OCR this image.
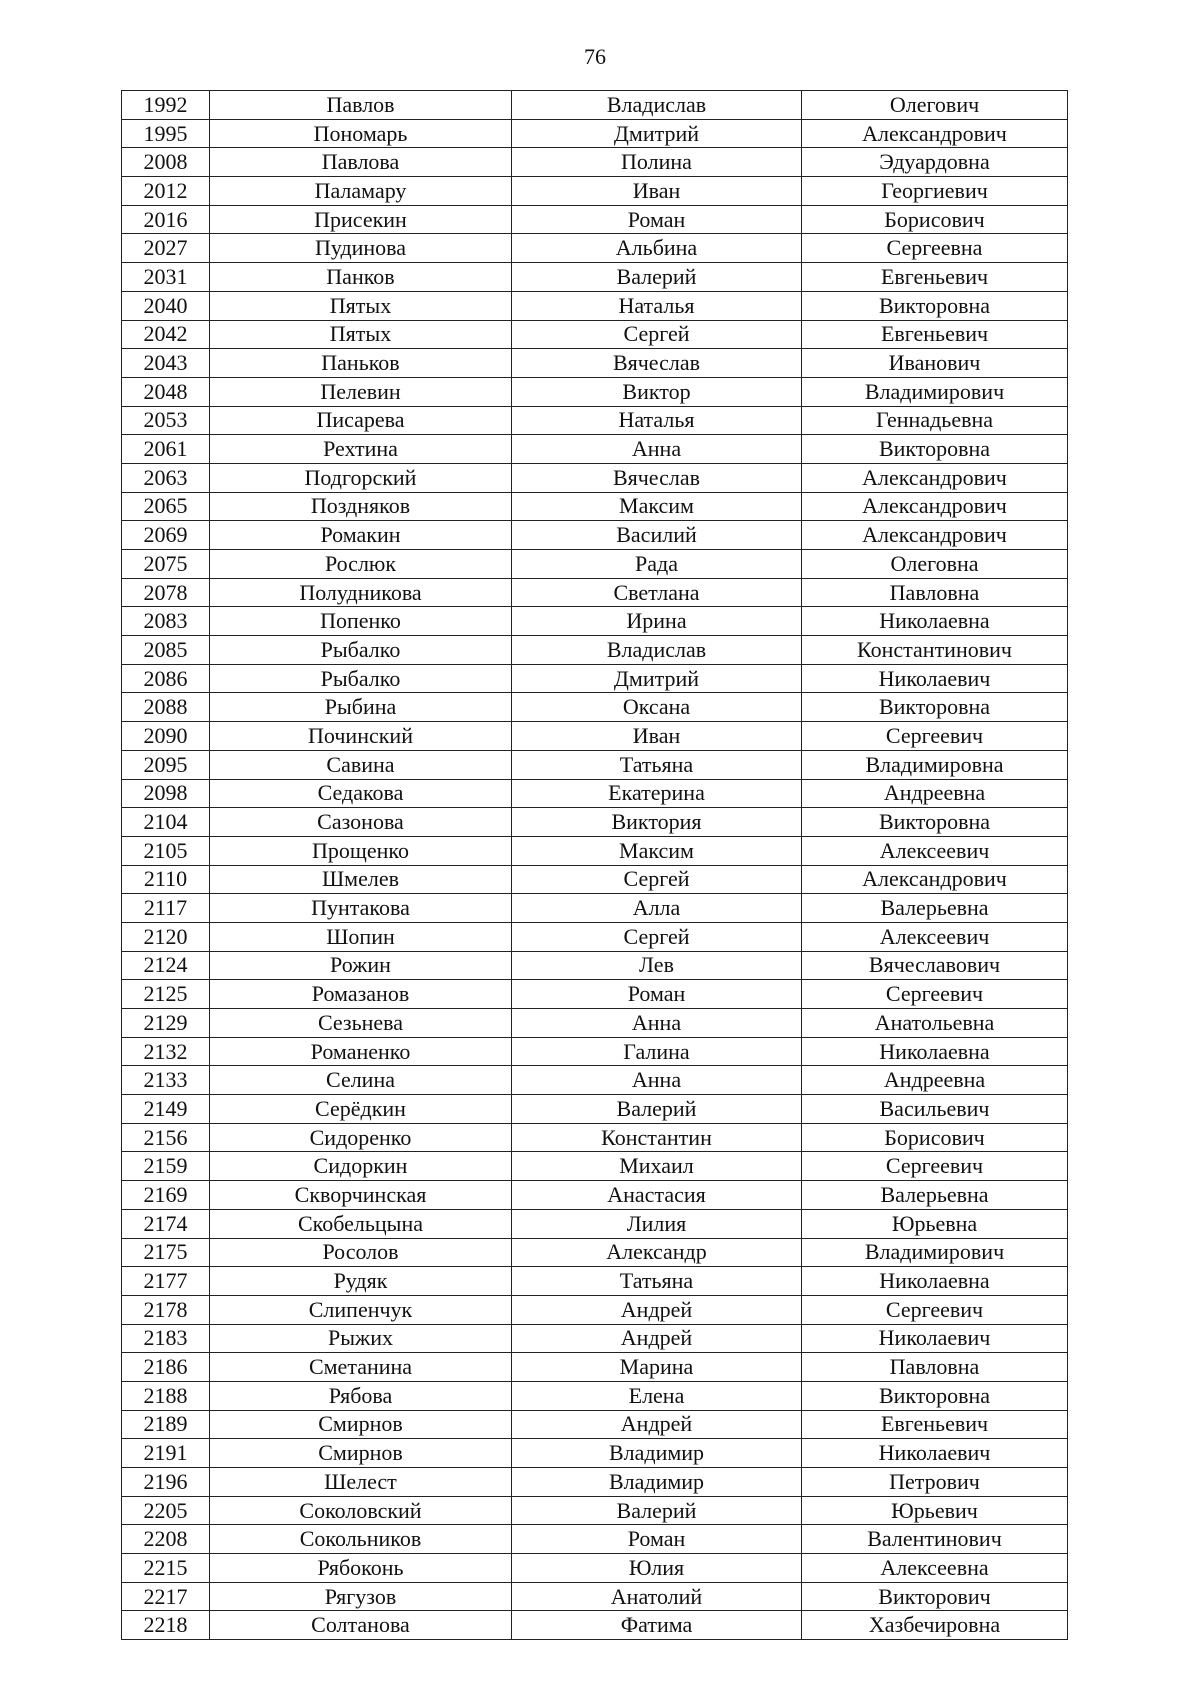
76
1992	Павлов	Владислав	Олегович
1995	Пономарь	Дмитрий	Александрович
2008	Павлова	Полина	Эдуардовна
2012	Паламару	Иван	Георгиевич
2016	Присекин	Роман	Борисович
2027	Пудинова	Альбина	Сергеевна
2031	Панков	Валерий	Евгеньевич
2040	Пятых	Наталья	Викторовна
2042	Пятых	Сергей	Евгеньевич
2043	Паньков	Вячеслав	Иванович
2048	Пелевин	Виктор	Владимирович
2053	Писарева	Наталья	Геннадьевна
2061	Рехтина	Анна	Викторовна
2063	Подгорский	Вячеслав	Александрович
2065	Поздняков	Максим	Александрович
2069	Ромакин	Василий	Александрович
2075	Рослюк	Рада	Олеговна
2078	Полудникова	Светлана	Павловна
2083	Попенко	Ирина	Николаевна
2085	Рыбалко	Владислав	Константинович
2086	Рыбалко	Дмитрий	Николаевич
2088	Рыбина	Оксана	Викторовна
2090	Починский	Иван	Сергеевич
2095	Савина	Татьяна	Владимировна
2098	Седакова	Екатерина	Андреевна
2104	Сазонова	Виктория	Викторовна
2105	Прощенко	Максим	Алексеевич
2110	Шмелев	Сергей	Александрович
2117	Пунтакова	Алла	Валерьевна
2120	Шопин	Сергей	Алексеевич
2124	Рожин	Лев	Вячеславович
2125	Ромазанов	Роман	Сергеевич
2129	Сезьнева	Анна	Анатольевна
2132	Романенко	Галина	Николаевна
2133	Селина	Анна	Андреевна
2149	Серёдкин	Валерий	Васильевич
2156	Сидоренко	Константин	Борисович
2159	Сидоркин	Михаил	Сергеевич
2169	Скворчинская	Анастасия	Валерьевна
2174	Скобельцына	Лилия	Юрьевна
2175	Росолов	Александр	Владимирович
2177	Рудяк	Татьяна	Николаевна
2178	Слипенчук	Андрей	Сергеевич
2183	Рыжих	Андрей	Николаевич
2186	Сметанина	Марина	Павловна
2188	Рябова	Елена	Викторовна
2189	Смирнов	Андрей	Евгеньевич
2191	Смирнов	Владимир	Николаевич
2196	Шелест	Владимир	Петрович
2205	Соколовский	Валерий	Юрьевич
2208	Сокольников	Роман	Валентинович
2215	Рябоконь	Юлия	Алексеевна
2217	Рягузов	Анатолий	Викторович
2218	Солтанова	Фатима	Хазбечировна
